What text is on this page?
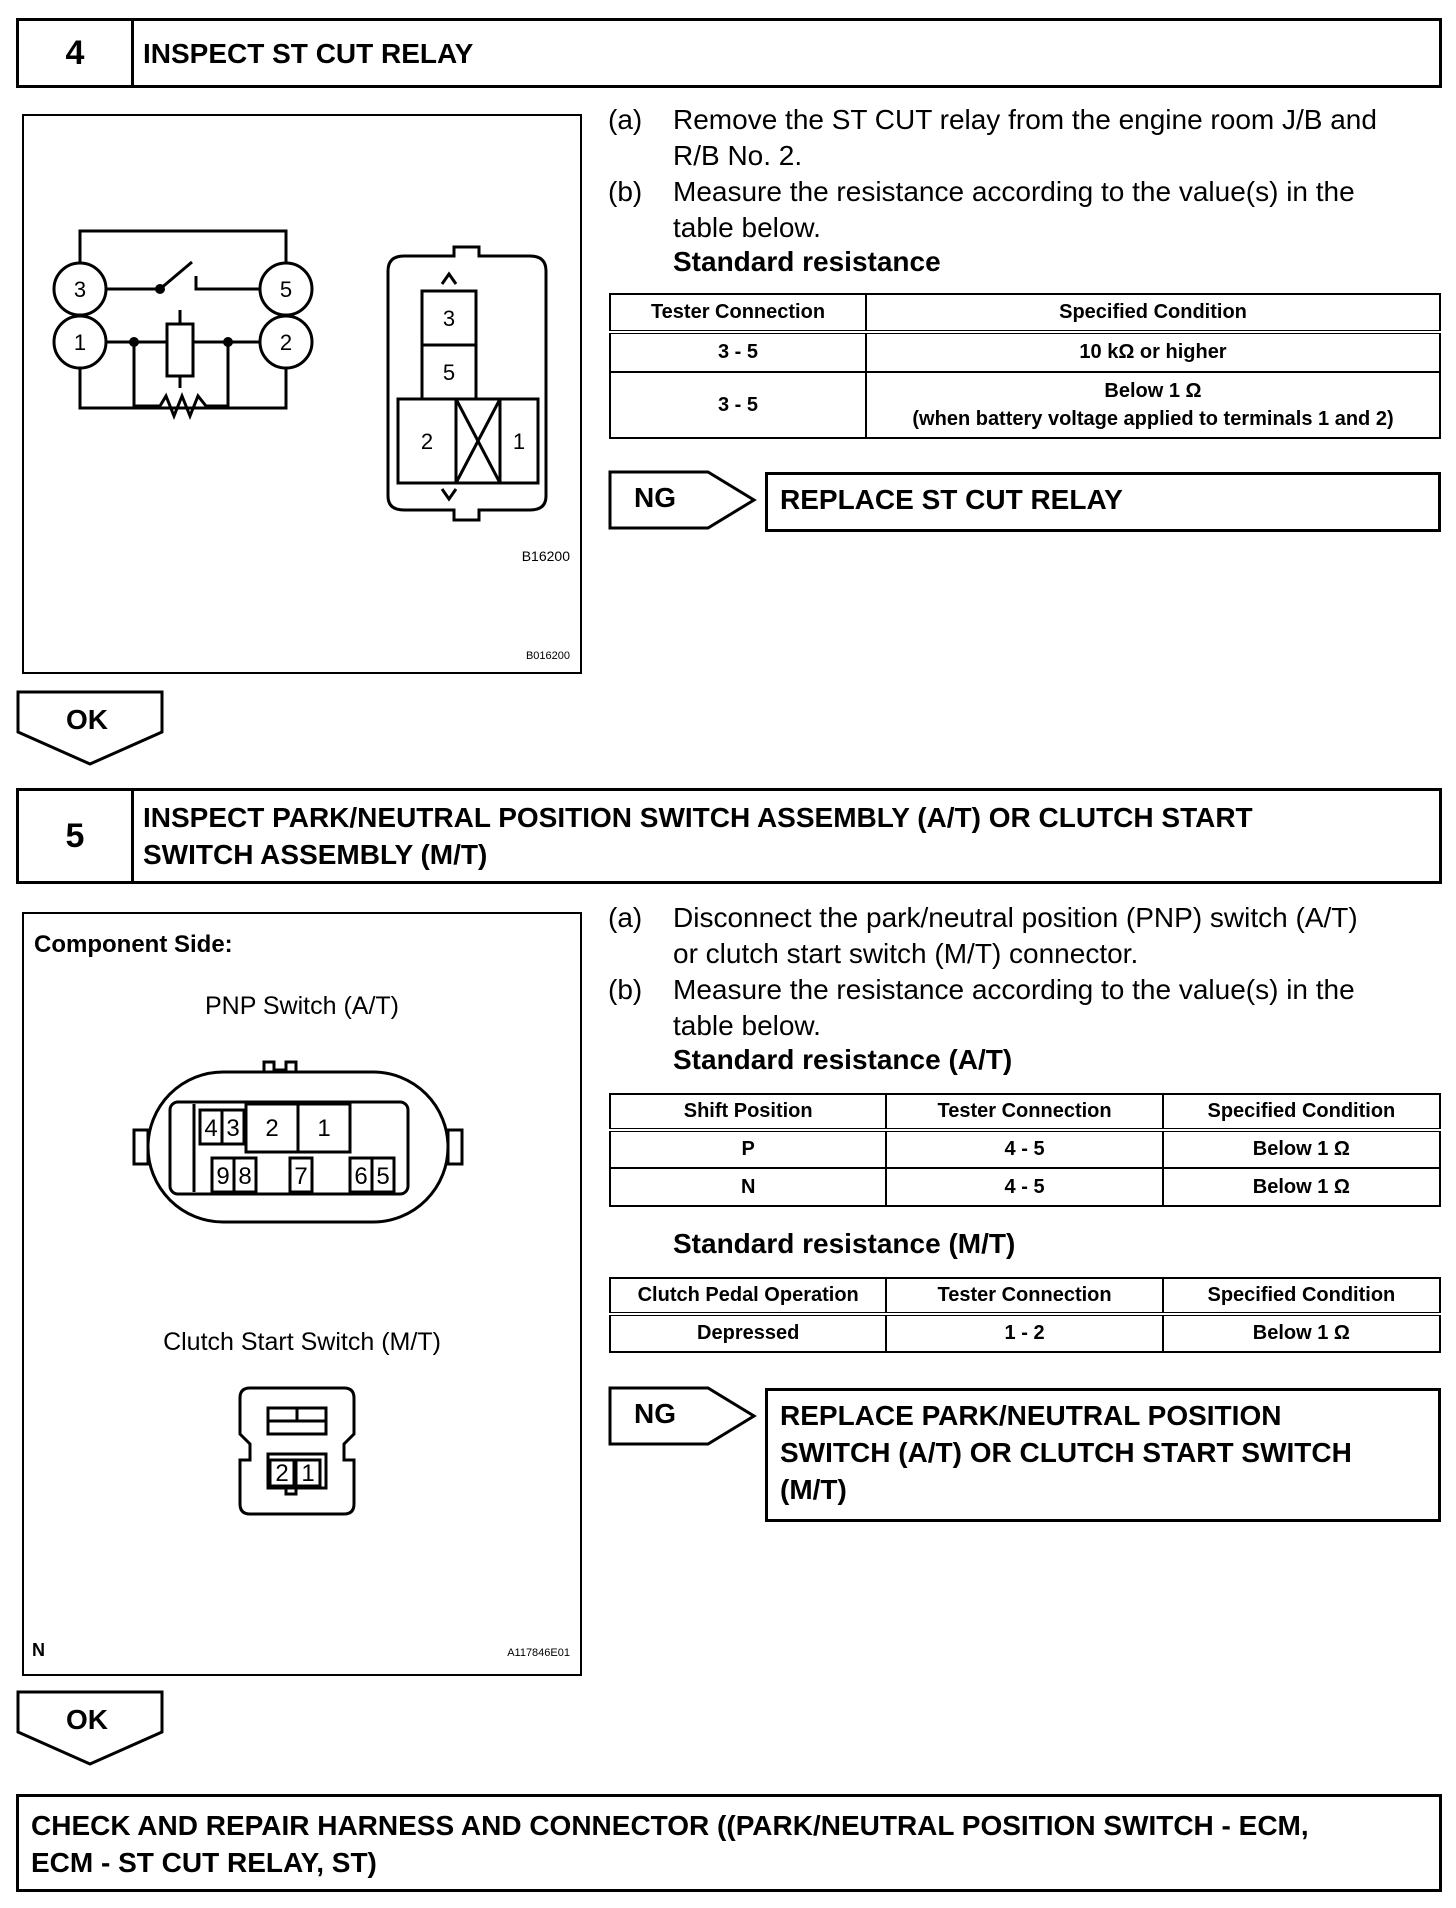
4	INSPECT ST CUT RELAY
3	5
1	2
3
5
2	1
B16200
B016200
(a)	Remove the ST CUT relay from the engine room J/B and
R/B No. 2.
(b)	Measure the resistance according to the value(s) in the
table below.
Standard resistance
Tester Connection	Specified Condition
3 - 5	10 kΩ or higher
3 - 5	Below 1 Ω
(when battery voltage applied to terminals 1 and 2)
NG	REPLACE ST CUT RELAY
OK
5	INSPECT PARK/NEUTRAL POSITION SWITCH ASSEMBLY (A/T) OR CLUTCH START
SWITCH ASSEMBLY (M/T)
Component Side:
PNP Switch (A/T)
4 3 2 1
9 8 7 6 5
2 1
Clutch Start Switch (M/T)
N	A117846E01
(a)	Disconnect the park/neutral position (PNP) switch (A/T)
or clutch start switch (M/T) connector.
(b)	Measure the resistance according to the value(s) in the
table below.
Standard resistance (A/T)
Shift Position	Tester Connection	Specified Condition
P	4 - 5	Below 1 Ω
N	4 - 5	Below 1 Ω
Standard resistance (M/T)
Clutch Pedal Operation	Tester Connection	Specified Condition
Depressed	1 - 2	Below 1 Ω
NG	REPLACE PARK/NEUTRAL POSITION
SWITCH (A/T) OR CLUTCH START SWITCH
(M/T)
OK
CHECK AND REPAIR HARNESS AND CONNECTOR ((PARK/NEUTRAL POSITION SWITCH - ECM,
ECM - ST CUT RELAY, ST)
